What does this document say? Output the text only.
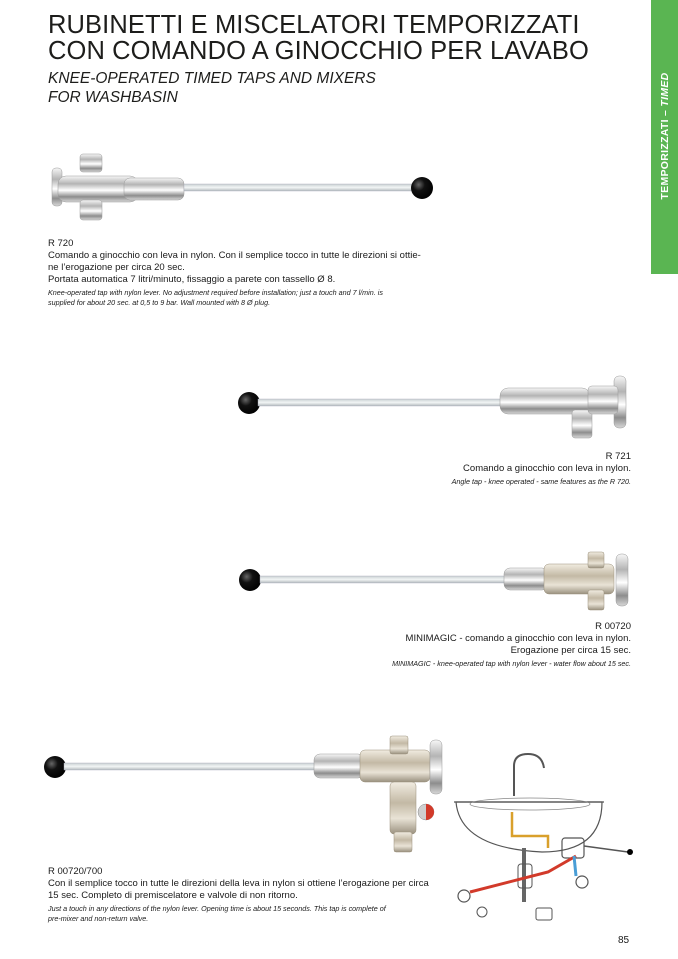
RUBINETTI E MISCELATORI TEMPORIZZATI
CON COMANDO A GINOCCHIO PER LAVABO
KNEE-OPERATED TIMED TAPS AND MIXERS
FOR WASHBASIN
TEMPORIZZATI – TIMED
R 720
Comando a ginocchio con leva in nylon. Con il semplice tocco in tutte le direzioni si ottie-
ne l’erogazione per circa 20 sec.
Portata automatica 7 litri/minuto, fissaggio a parete con tassello Ø 8.
Knee-operated tap with nylon lever. No adjustment required before installation; just a touch and 7 l/min. is
supplied for about 20 sec. at 0,5 to 9 bar. Wall mounted with 8 Ø plug.
R 721
Comando a ginocchio con leva in nylon.
Angle tap - knee operated - same features as the R 720.
R 00720
MINIMAGIC - comando a ginocchio con leva in nylon.
Erogazione per circa 15 sec.
MINIMAGIC - knee-operated tap with nylon lever - water flow about 15 sec.
R 00720/700
Con il semplice tocco in tutte le direzioni della leva in nylon si ottiene l’erogazione per circa
15 sec. Completo di premiscelatore e valvole di non ritorno.
Just a touch in any directions of the nylon lever. Opening time is about 15 seconds. This tap is complete of
pre-mixer and non-return valve.
85
